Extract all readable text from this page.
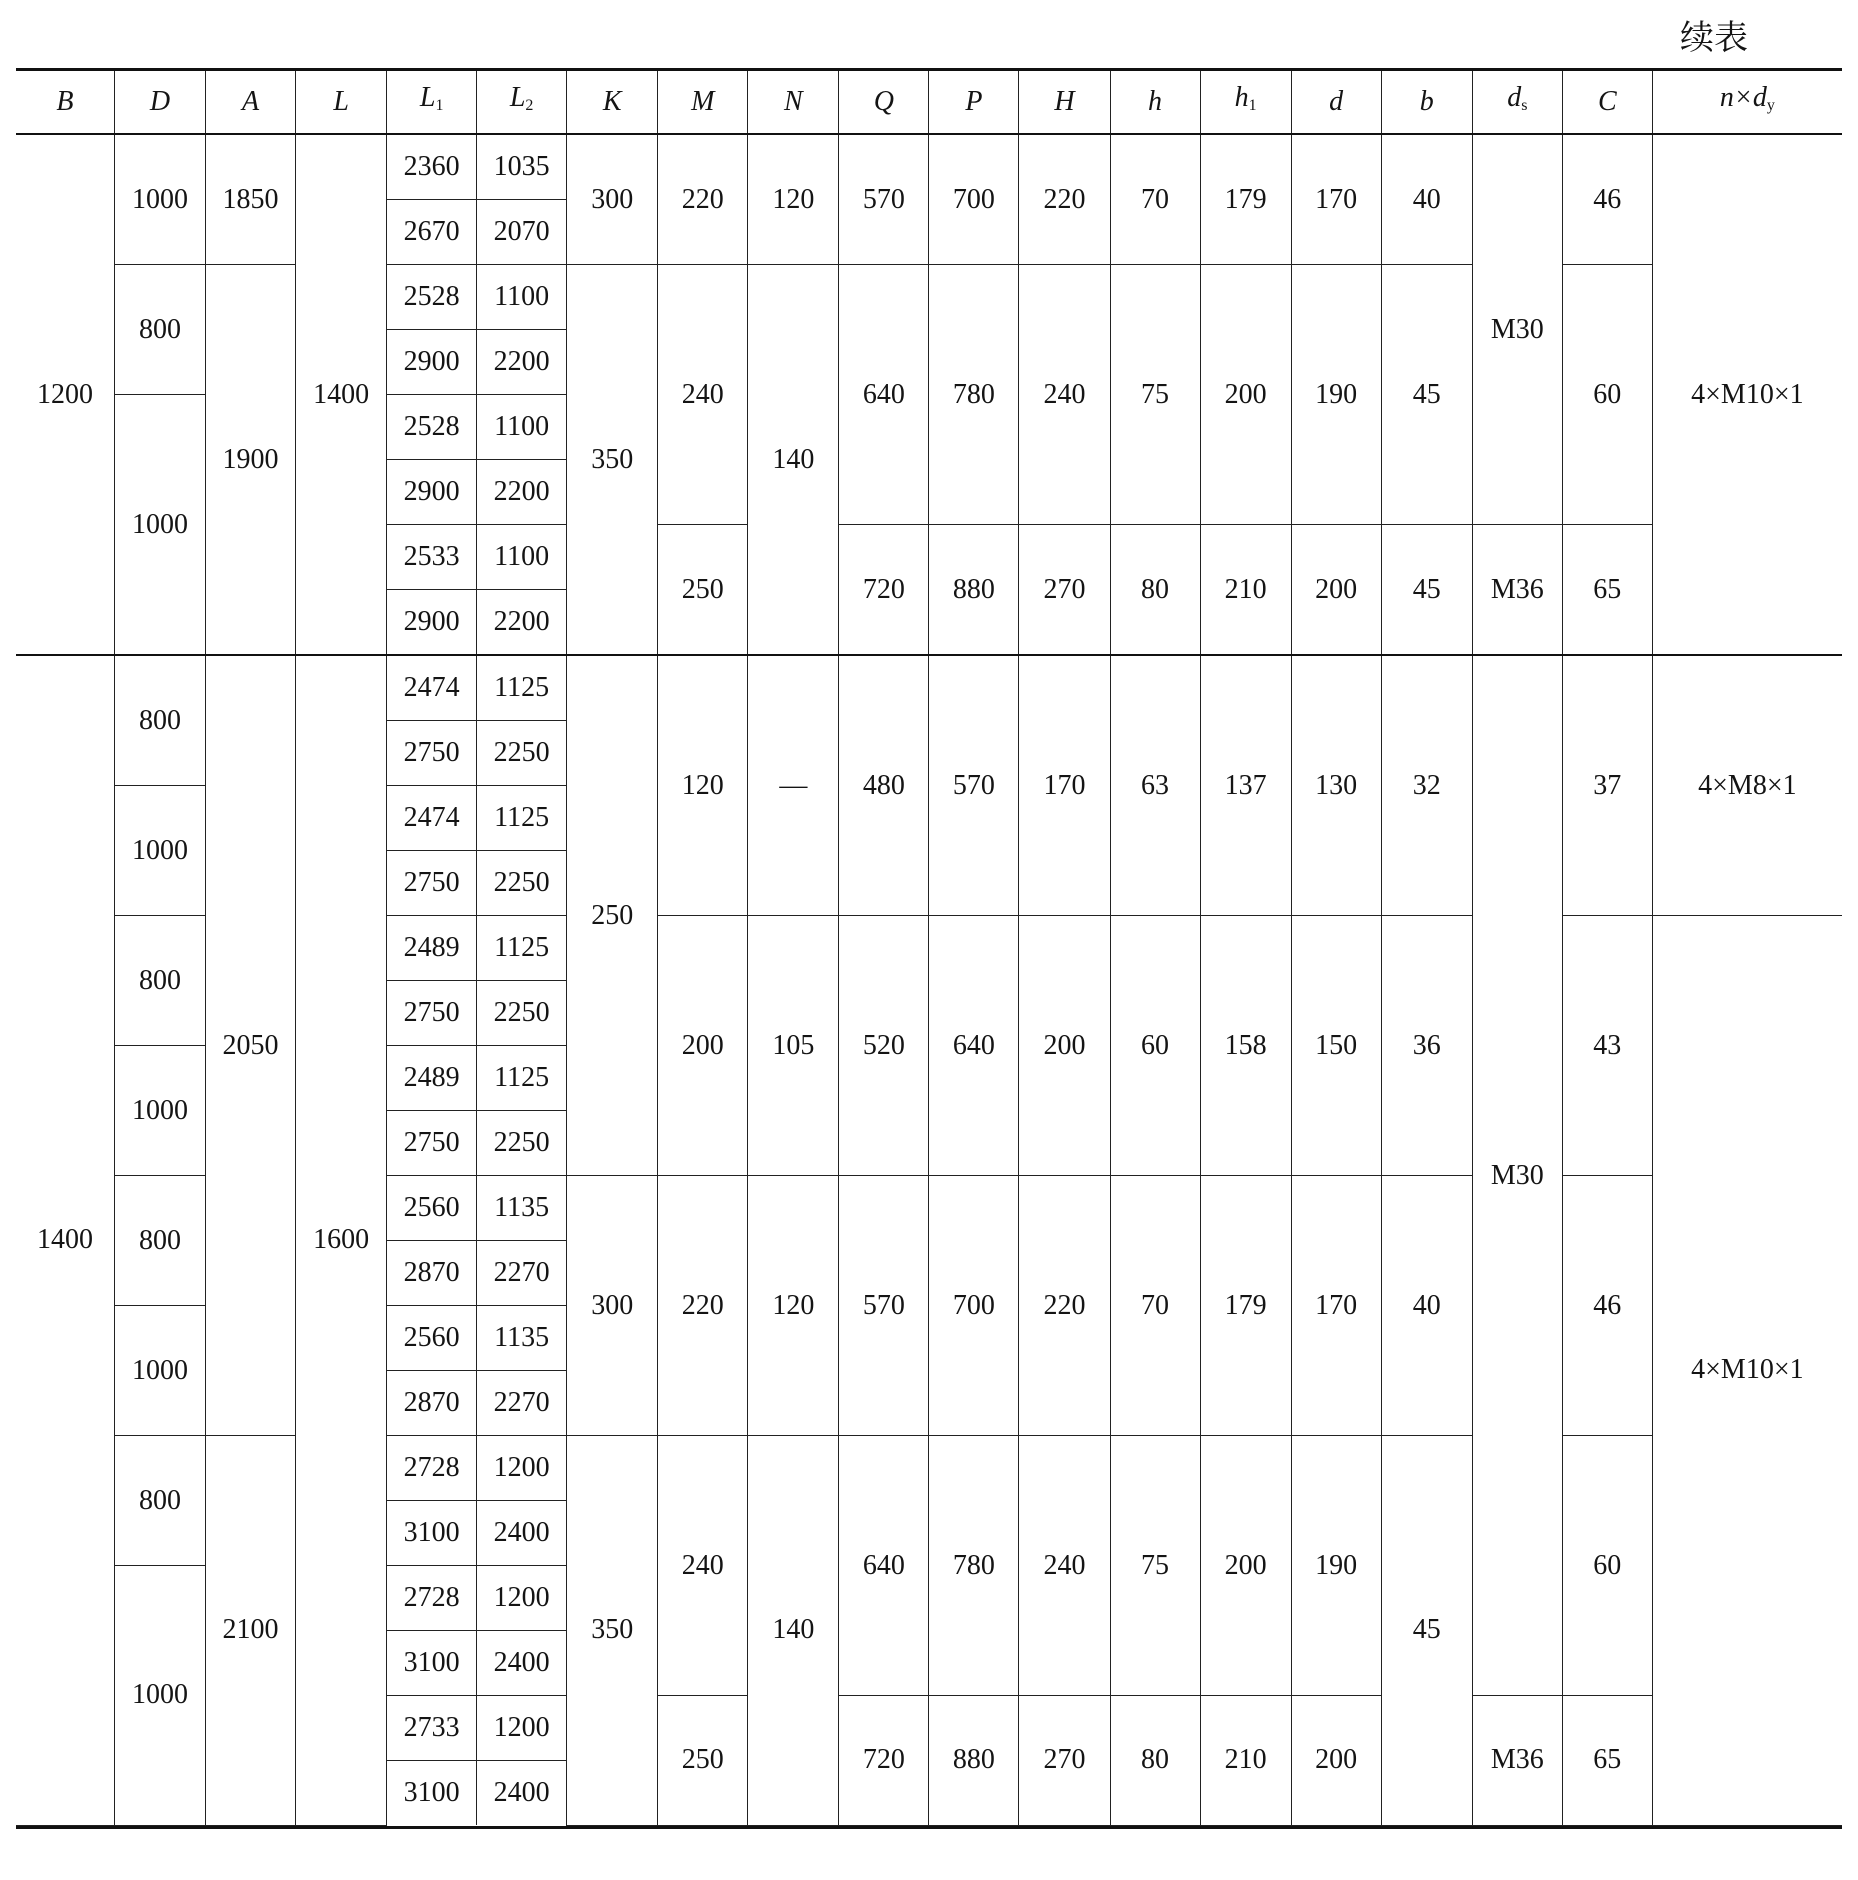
续表
B	D	A	L	$L_1$	$L_2$	K	M	N	Q	P	H	h	$h_1$	d	b	$d_s$	C	$n\times d_y$
1200	1000	1850	1400	2360	1035	300	220	120	570	700	220	70	179	170	40	M30	46	4×M10×1
				2670	2070													
	800	1900		2528	1100	350	240	140	640	780	240	75	200	190	45		60	
				2900	2200													
	1000			2528	1100													
				2900	2200													
				2533	1100		250		720	880	270	80	210	200	45	M36	65	
				2900	2200													
1400	800	2050	1600	2474	1125	250	120	—	480	570	170	63	137	130	32	M30	37	4×M8×1
				2750	2250													
	1000			2474	1125													
				2750	2250													
	800			2489	1125		200	105	520	640	200	60	158	150	36		43	4×M10×1
				2750	2250													
	1000			2489	1125													
				2750	2250													
	800			2560	1135	300	220	120	570	700	220	70	179	170	40		46	
				2870	2270													
	1000			2560	1135													
				2870	2270													
	800	2100		2728	1200	350	240	140	640	780	240	75	200	190	45		60	
				3100	2400													
	1000			2728	1200													
				3100	2400													
				2733	1200		250		720	880	270	80	210	200		M36	65	
				3100	2400													
